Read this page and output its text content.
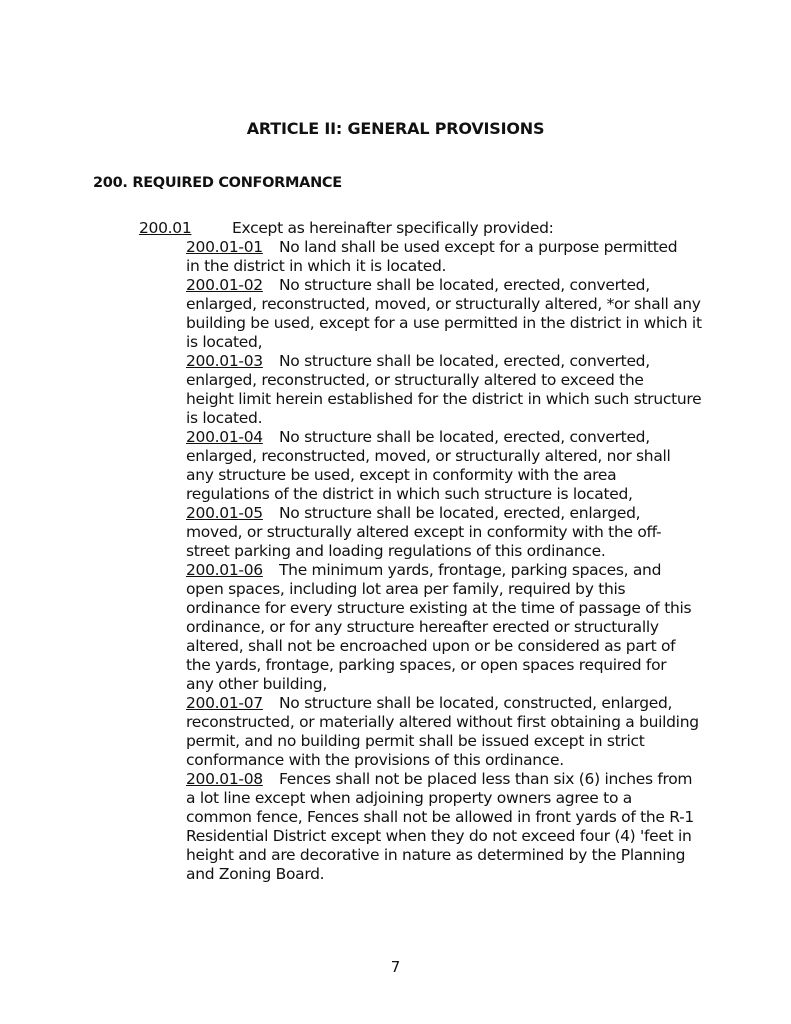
ARTICLE II: GENERAL PROVISIONS
200. REQUIRED CONFORMANCE
200.01	Except as hereinafter specifically provided:
200.01-01 No land shall be used except for a purpose permitted
in the district in which it is located.
200.01-02 No structure shall be located, erected, converted,
enlarged, reconstructed, moved, or structurally altered, *or shall any
building be used, except for a use permitted in the district in which it
is located,
200.01-03 No structure shall be located, erected, converted,
enlarged, reconstructed, or structurally altered to exceed the
height limit herein established for the district in which such structure
is located.
200.01-04 No structure shall be located, erected, converted,
enlarged, reconstructed, moved, or structurally altered, nor shall
any structure be used, except in conformity with the area
regulations of the district in which such structure is located,
200.01-05 No structure shall be located, erected, enlarged,
moved, or structurally altered except in conformity with the off-
street parking and loading regulations of this ordinance.
200.01-06 The minimum yards, frontage, parking spaces, and
open spaces, including lot area per family, required by this
ordinance for every structure existing at the time of passage of this
ordinance, or for any structure hereafter erected or structurally
altered, shall not be encroached upon or be considered as part of
the yards, frontage, parking spaces, or open spaces required for
any other building,
200.01-07 No structure shall be located, constructed, enlarged,
reconstructed, or materially altered without first obtaining a building
permit, and no building permit shall be issued except in strict
conformance with the provisions of this ordinance.
200.01-08 Fences shall not be placed less than six (6) inches from
a lot line except when adjoining property owners agree to a
common fence, Fences shall not be allowed in front yards of the R-1
Residential District except when they do not exceed four (4) 'feet in
height and are decorative in nature as determined by the Planning
and Zoning Board.
7
